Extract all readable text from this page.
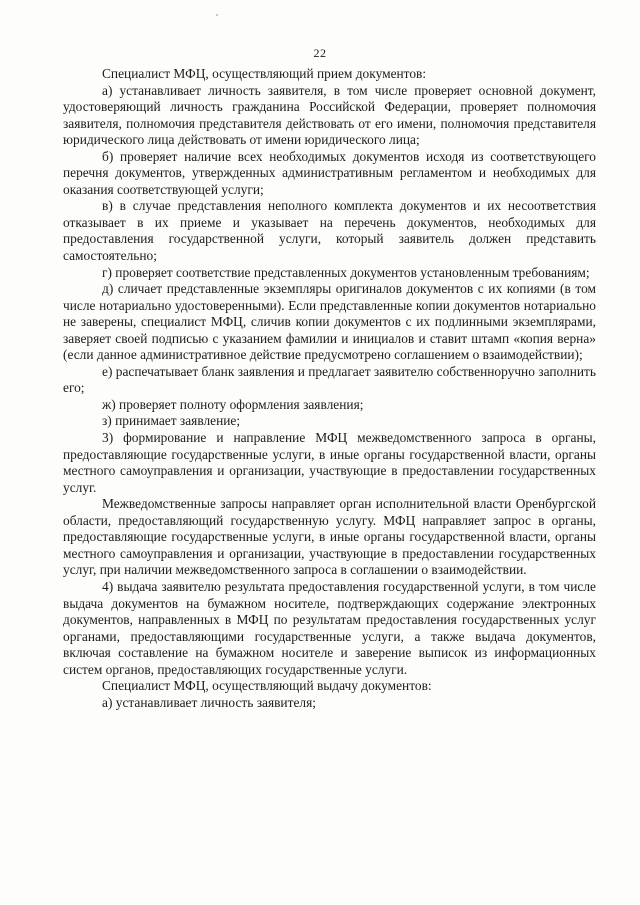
22

Специалист МФЦ, осуществляющий прием документов:

а) устанавливает личность заявителя, в том числе проверяет основной документ, удостоверяющий личность гражданина Российской Федерации, проверяет полномочия заявителя, полномочия представителя действовать от его имени, полномочия представителя юридического лица действовать от имени юридического лица;

б) проверяет наличие всех необходимых документов исходя из соответствующего перечня документов, утвержденных административным регламентом и необходимых для оказания соответствующей услуги;

в) в случае представления неполного комплекта документов и их несоответствия отказывает в их приеме и указывает на перечень документов, необходимых для предоставления государственной услуги, который заявитель должен представить самостоятельно;

г) проверяет соответствие представленных документов установленным требованиям;

д) сличает представленные экземпляры оригиналов документов с их копиями (в том числе нотариально удостоверенными). Если представленные копии документов нотариально не заверены, специалист МФЦ, сличив копии документов с их подлинными экземплярами, заверяет своей подписью с указанием фамилии и инициалов и ставит штамп «копия верна» (если данное административное действие предусмотрено соглашением о взаимодействии);

е) распечатывает бланк заявления и предлагает заявителю собственноручно заполнить его;

ж) проверяет полноту оформления заявления;

з) принимает заявление;

3) формирование и направление МФЦ межведомственного запроса в органы, предоставляющие государственные услуги, в иные органы государственной власти, органы местного самоуправления и организации, участвующие в предоставлении государственных услуг.

Межведомственные запросы направляет орган исполнительной власти Оренбургской области, предоставляющий государственную услугу. МФЦ направляет запрос в органы, предоставляющие государственные услуги, в иные органы государственной власти, органы местного самоуправления и организации, участвующие в предоставлении государственных услуг, при наличии межведомственного запроса в соглашении о взаимодействии.

4) выдача заявителю результата предоставления государственной услуги, в том числе выдача документов на бумажном носителе, подтверждающих содержание электронных документов, направленных в МФЦ по результатам предоставления государственных услуг органами, предоставляющими государственные услуги, а также выдача документов, включая составление на бумажном носителе и заверение выписок из информационных систем органов, предоставляющих государственные услуги.

Специалист МФЦ, осуществляющий выдачу документов:

а) устанавливает личность заявителя;
